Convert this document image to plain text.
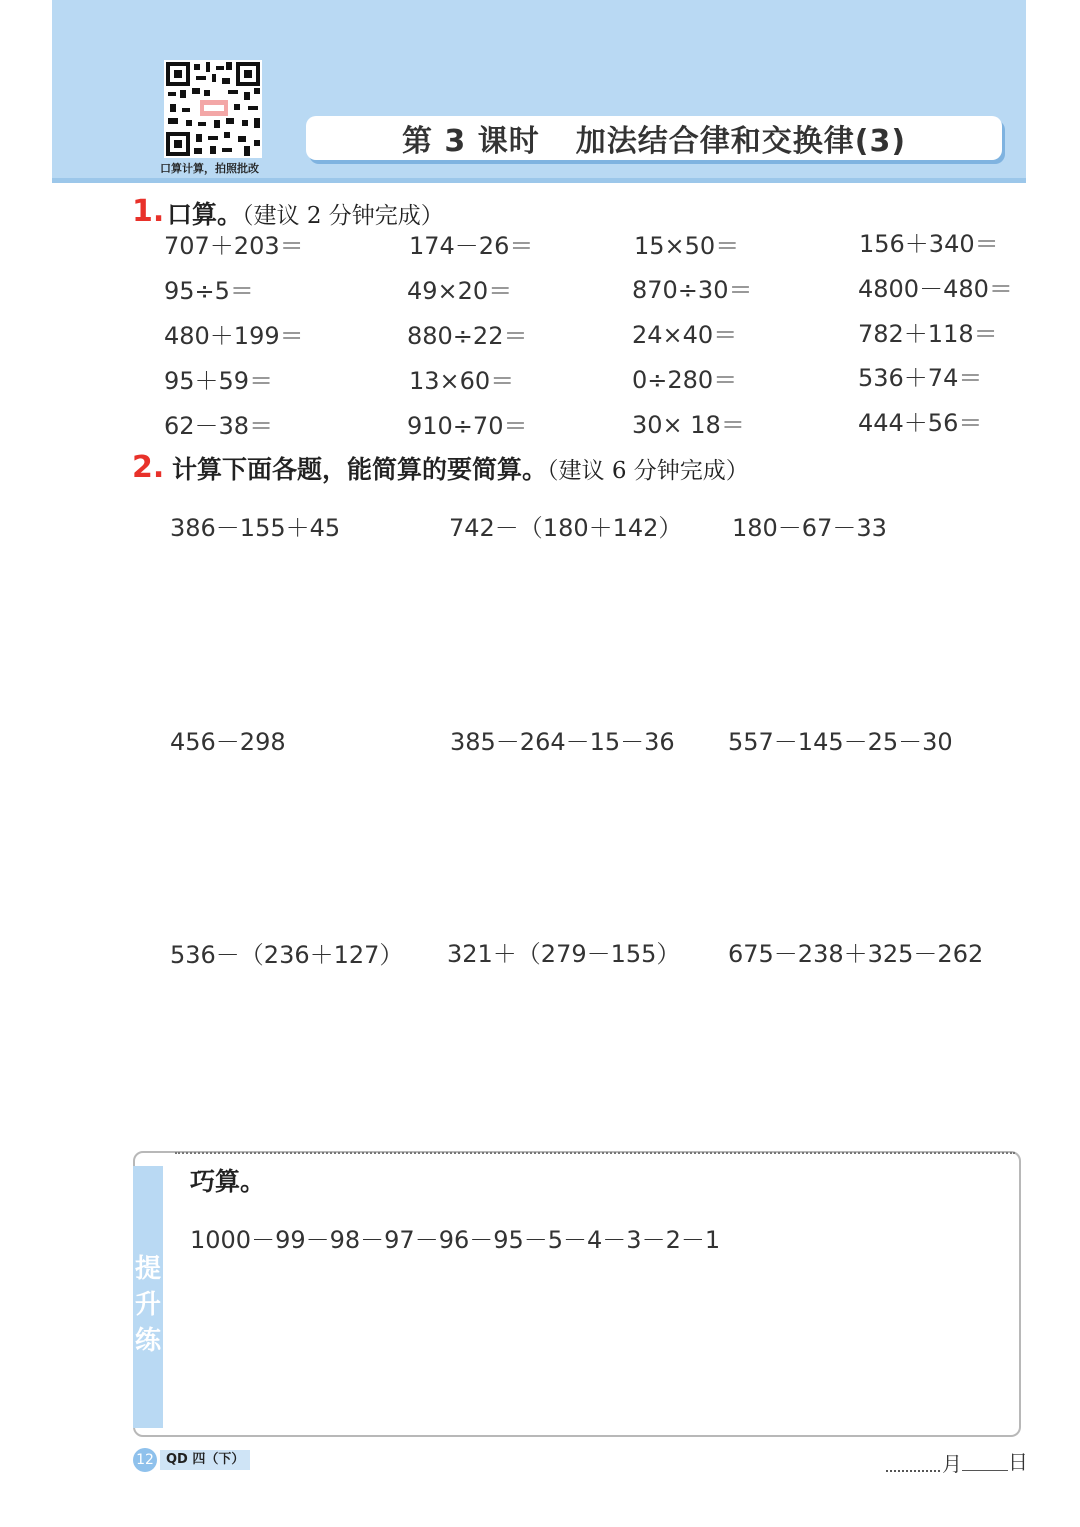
口算计算，拍照批改
第 3 课时 加法结合律和交换律(3)
1. 口算。（建议 2 分钟完成）
707＋203＝	174－26＝	15×50＝	156＋340＝
95÷5＝	49×20＝	870÷30＝	4800－480＝
480＋199＝	880÷22＝	24×40＝	782＋118＝
95＋59＝	13×60＝	0÷280＝	536＋74＝
62－38＝	910÷70＝	30× 18＝	444＋56＝
2. 计算下面各题，能简算的要简算。（建议 6 分钟完成）
386－155＋45	742－（180＋142） 180－67－33
456－298	385－264－15－36 557－145－25－30
536－（236＋127） 321＋（279－155） 675－238＋325－262
提
升
练
巧算。
1000－99－98－97－96－95－5－4－3－2－1
12 QD 四（下）	月 日
